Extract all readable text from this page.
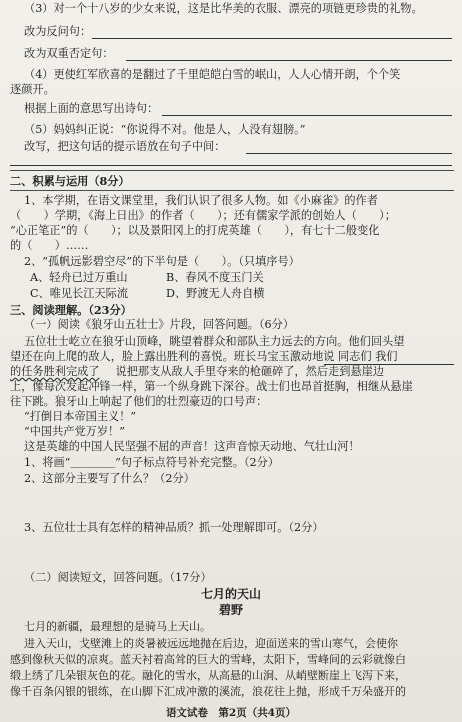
（3）对一个十八岁的少女来说，这是比华美的衣服、漂亮的项链更珍贵的礼物。
改为反问句：
改为双重否定句：
（4）更使红军欣喜的是翻过了千里皑皑白雪的岷山，人人心情开朗，个个笑
逐颜开。
根据上面的意思写出诗句：
（5）妈妈纠正说：“你说得不对。他是人，人没有翅膀。”
改写，把这句话的提示语放在句子中间：
二、积累与运用（8分）
1、本学期，在语文课堂里，我们认识了很多人物。如《小麻雀》的作者
（　　）学期，《海上日出》的作者（　　）；还有儒家学派的创始人（　　）；
“心正笔正”的（　　）；以及景阳冈上的打虎英雄（　　），有七十二般变化
的（　　）……
2、“孤帆远影碧空尽”的下半句是（　　）。（只填序号）
A、轻舟已过万重山	B、春风不度玉门关
C、唯见长江天际流	D、野渡无人舟自横
三、阅读理解。（23分）
（一）阅读《狼牙山五壮士》片段，回答问题。（6分）
五位壮士屹立在狼牙山顶峰，眺望着群众和部队主力远去的方向。他们回头望
望还在向上爬的敌人，脸上露出胜利的喜悦。班长马宝玉激动地说 同志们 我们
的任务胜利完成了 说把那支从敌人手里夺来的枪砸碎了，然后走到悬崖边
上，像每次发起冲锋一样，第一个纵身跳下深谷。战士们也昂首挺胸，相继从悬崖
往下跳。狼牙山上响起了他们的壮烈豪迈的口号声：
“打倒日本帝国主义！”
“中国共产党万岁！”
这是英雄的中国人民坚强不屈的声音！这声音惊天动地、气壮山河！
1、将画“＿＿＿＿”句子标点符号补充完整。（2分）
2、这部分主要写了什么？（2分）
3、五位壮士具有怎样的精神品质？抓一处理解即可。（2分）
（二）阅读短文，回答问题。（17分）
七月的天山
碧野
七月的新疆，最理想的是骑马上天山。
进入天山，戈壁滩上的炎暑被远远地抛在后边，迎面送来的雪山寒气，会使你
感到像秋天似的凉爽。蓝天衬着高耸的巨大的雪峰，太阳下，雪峰间的云彩就像白
缎上绣了几朵银灰色的花。融化的雪水，从高悬的山涧、从峭壁断崖上飞泻下来，
像千百条闪银的银练，在山脚下汇成冲激的溪流，浪花往上抛，形成千万朵盛开的
语文试卷　第2页（共4页）
